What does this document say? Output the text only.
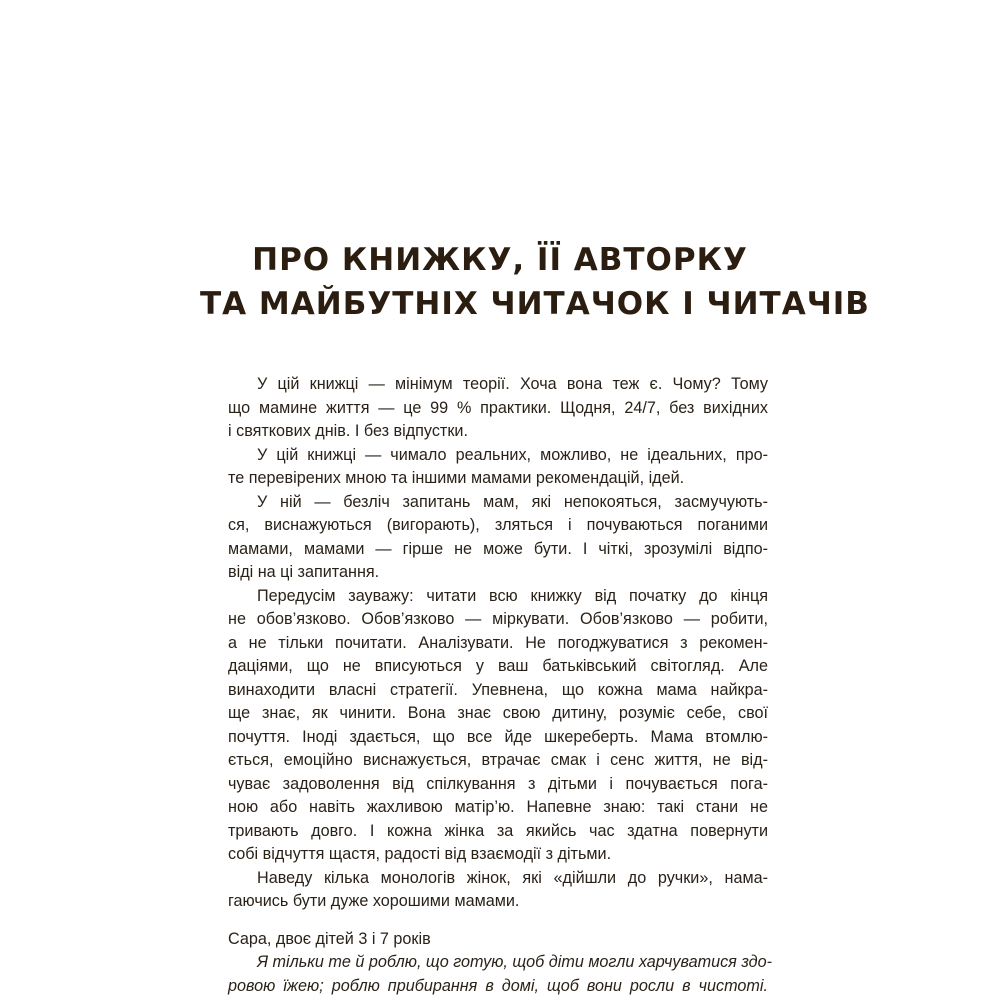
ПРО КНИЖКУ, ЇЇ АВТОРКУ
ТА МАЙБУТНІХ ЧИТАЧОК І ЧИТАЧІВ
У цій книжці — мінімум теорії. Хоча вона теж є. Чому? Тому
що мамине життя — це 99 % практики. Щодня, 24/7, без вихідних
і святкових днів. І без відпустки.
У цій книжці — чимало реальних, можливо, не ідеальних, про-
те перевірених мною та іншими мамами рекомендацій, ідей.
У ній — безліч запитань мам, які непокояться, засмучують-
ся, виснажуються (вигорають), зляться і почуваються поганими
мамами, мамами — гірше не може бути. І чіткі, зрозумілі відпо-
віді на ці запитання.
Передусім зауважу: читати всю книжку від початку до кінця
не обов’язково. Обов’язково — міркувати. Обов’язково — робити,
а не тільки почитати. Аналізувати. Не погоджуватися з рекомен-
даціями, що не вписуються у ваш батьківський світогляд. Але
винаходити власні стратегії. Упевнена, що кожна мама найкра-
ще знає, як чинити. Вона знає свою дитину, розуміє себе, свої
почуття. Іноді здається, що все йде шкереберть. Мама втомлю-
ється, емоційно виснажується, втрачає смак і сенс життя, не від-
чуває задоволення від спілкування з дітьми і почувається пога-
ною або навіть жахливою матір’ю. Напевне знаю: такі стани не
тривають довго. І кожна жінка за якийсь час здатна повернути
собі відчуття щастя, радості від взаємодії з дітьми.
Наведу кілька монологів жінок, які «дійшли до ручки», нама-
гаючись бути дуже хорошими мамами.
Сара, двоє дітей 3 і 7 років
Я тільки те й роблю, що готую, щоб діти могли харчуватися здо-
ровою їжею; роблю прибирання в домі, щоб вони росли в чистоті.
